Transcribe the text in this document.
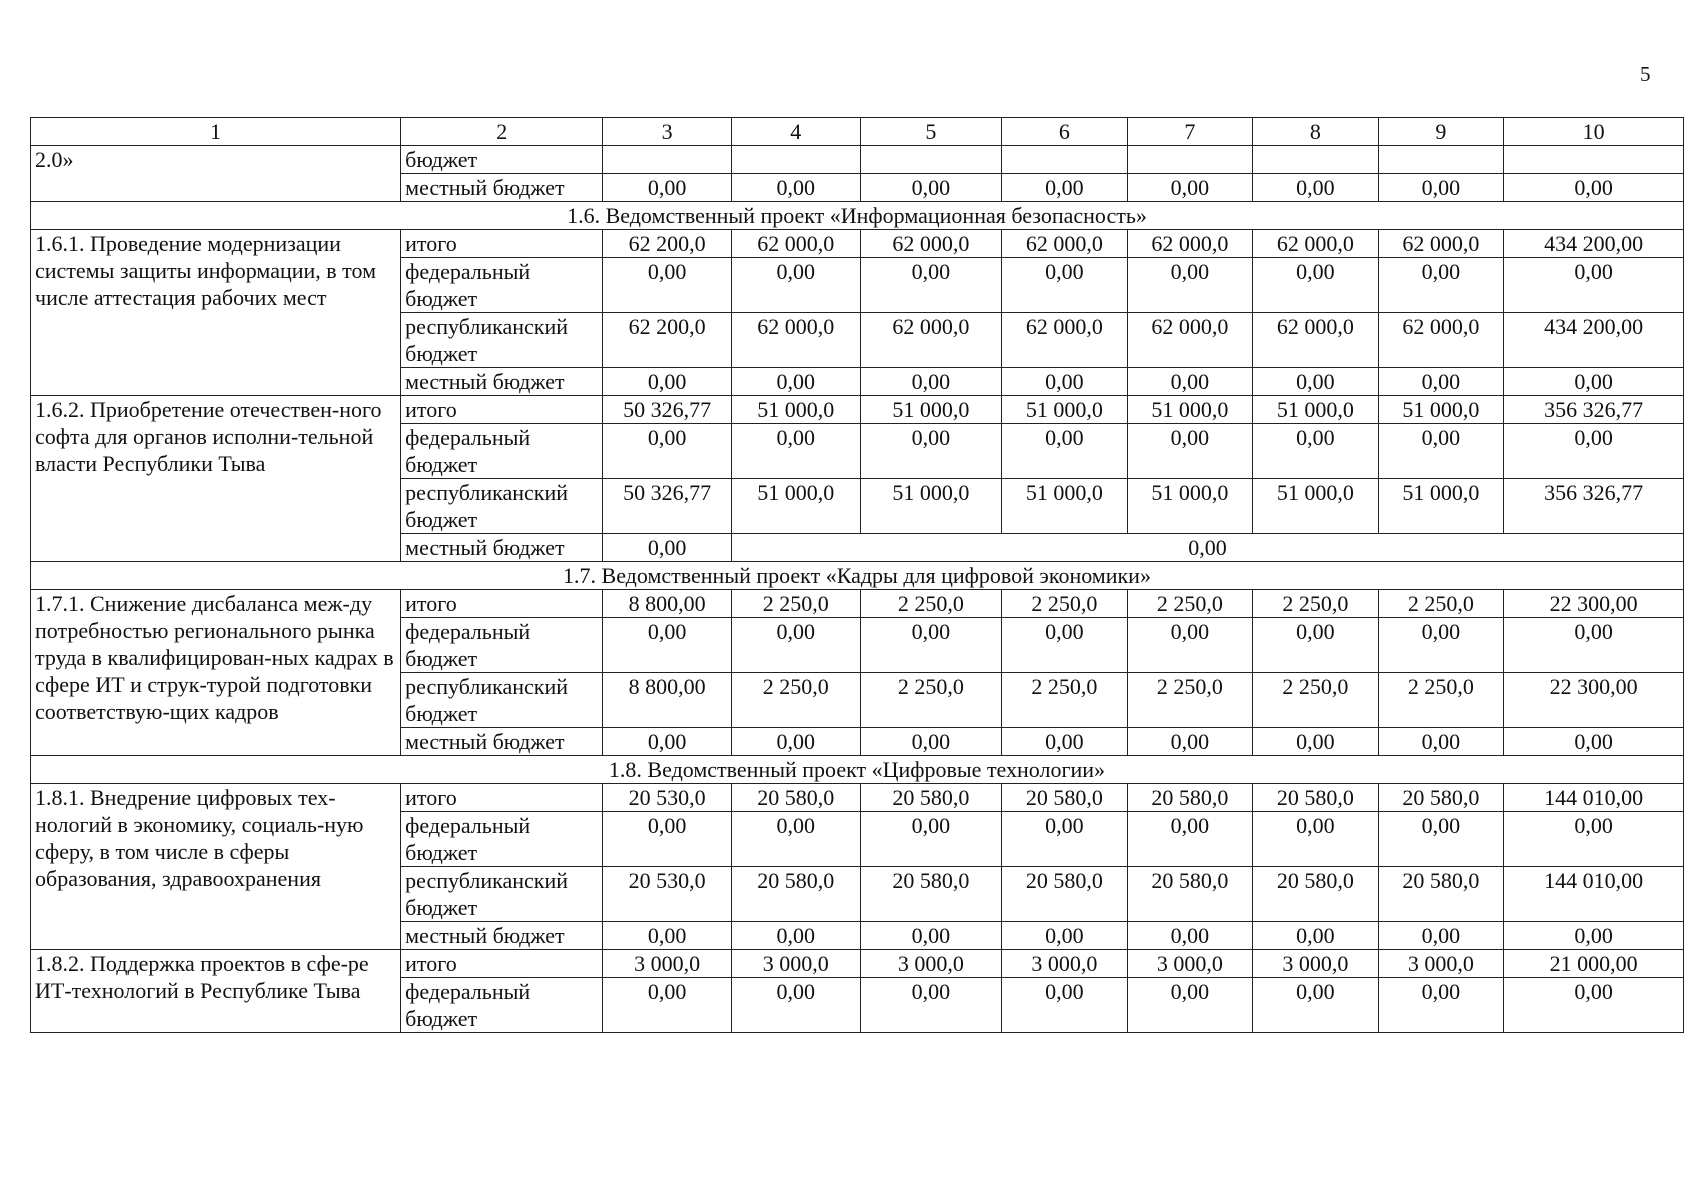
5
1	2	3	4	5	6	7	8	9	10
2.0»	бюджет								
	местный бюджет	0,00	0,00	0,00	0,00	0,00	0,00	0,00	0,00
1.6. Ведомственный проект «Информационная безопасность»									
1.6.1. Проведение модернизации системы защиты информации, в том числе аттестация рабочих мест	итого	62 200,0	62 000,0	62 000,0	62 000,0	62 000,0	62 000,0	62 000,0	434 200,00
	федеральный бюджет	0,00	0,00	0,00	0,00	0,00	0,00	0,00	0,00
	республиканский бюджет	62 200,0	62 000,0	62 000,0	62 000,0	62 000,0	62 000,0	62 000,0	434 200,00
	местный бюджет	0,00	0,00	0,00	0,00	0,00	0,00	0,00	0,00
1.6.2. Приобретение отечествен-ного софта для органов исполни-тельной власти Республики Тыва	итого	50 326,77	51 000,0	51 000,0	51 000,0	51 000,0	51 000,0	51 000,0	356 326,77
	федеральный бюджет	0,00	0,00	0,00	0,00	0,00	0,00	0,00	0,00
	республиканский бюджет	50 326,77	51 000,0	51 000,0	51 000,0	51 000,0	51 000,0	51 000,0	356 326,77
	местный бюджет	0,00	0,00						
1.7. Ведомственный проект «Кадры для цифровой экономики»									
1.7.1. Снижение дисбаланса меж-ду потребностью регионального рынка труда в квалифицирован-ных кадрах в сфере ИТ и струк-турой подготовки соответствую-щих кадров	итого	8 800,00	2 250,0	2 250,0	2 250,0	2 250,0	2 250,0	2 250,0	22 300,00
	федеральный бюджет	0,00	0,00	0,00	0,00	0,00	0,00	0,00	0,00
	республиканский бюджет	8 800,00	2 250,0	2 250,0	2 250,0	2 250,0	2 250,0	2 250,0	22 300,00
	местный бюджет	0,00	0,00	0,00	0,00	0,00	0,00	0,00	0,00
1.8. Ведомственный проект «Цифровые технологии»									
1.8.1. Внедрение цифровых тех-нологий в экономику, социаль-ную сферу, в том числе в сферы образования, здравоохранения	итого	20 530,0	20 580,0	20 580,0	20 580,0	20 580,0	20 580,0	20 580,0	144 010,00
	федеральный бюджет	0,00	0,00	0,00	0,00	0,00	0,00	0,00	0,00
	республиканский бюджет	20 530,0	20 580,0	20 580,0	20 580,0	20 580,0	20 580,0	20 580,0	144 010,00
	местный бюджет	0,00	0,00	0,00	0,00	0,00	0,00	0,00	0,00
1.8.2. Поддержка проектов в сфе-ре ИТ-технологий в Республике Тыва	итого	3 000,0	3 000,0	3 000,0	3 000,0	3 000,0	3 000,0	3 000,0	21 000,00
	федеральный бюджет	0,00	0,00	0,00	0,00	0,00	0,00	0,00	0,00
